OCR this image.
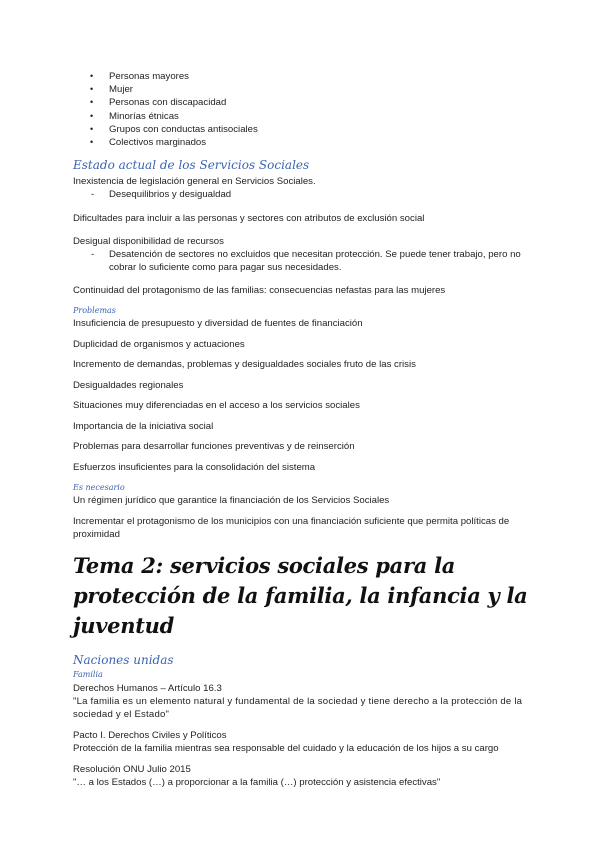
• Personas mayores
• Mujer
• Personas con discapacidad
• Minorías étnicas
• Grupos con conductas antisociales
• Colectivos marginados
Estado actual de los Servicios Sociales

Inexistencia de legislación general en Servicios Sociales.

- Desequilibrios y desigualdad

Dificultades para incluir a las personas y sectores con atributos de exclusión social

Desigual disponibilidad de recursos

- Desatención de sectores no excluidos que necesitan protección. Se puede tener trabajo, pero no cobrar lo suficiente como para pagar sus necesidades.

Continuidad del protagonismo de las familias: consecuencias nefastas para las mujeres

Problemas

Insuficiencia de presupuesto y diversidad de fuentes de financiación

Duplicidad de organismos y actuaciones

Incremento de demandas, problemas y desigualdades sociales fruto de las crisis

Desigualdades regionales

Situaciones muy diferenciadas en el acceso a los servicios sociales

Importancia de la iniciativa social

Problemas para desarrollar funciones preventivas y de reinserción

Esfuerzos insuficientes para la consolidación del sistema

Es necesario

Un régimen jurídico que garantice la financiación de los Servicios Sociales

Incrementar el protagonismo de los municipios con una financiación suficiente que permita políticas de proximidad

Tema 2: servicios sociales para la protección de la familia, la infancia y la juventud
Naciones unidas
Familia

Derechos Humanos – Artículo 16.3

"La familia es un elemento natural y fundamental de la sociedad y tiene derecho a la protección de la sociedad y el Estado"

Pacto I. Derechos Civiles y Políticos

Protección de la familia mientras sea responsable del cuidado y la educación de los hijos a su cargo

Resolución ONU Julio 2015

"… a los Estados (…) a proporcionar a la familia (…) protección y asistencia efectivas"
